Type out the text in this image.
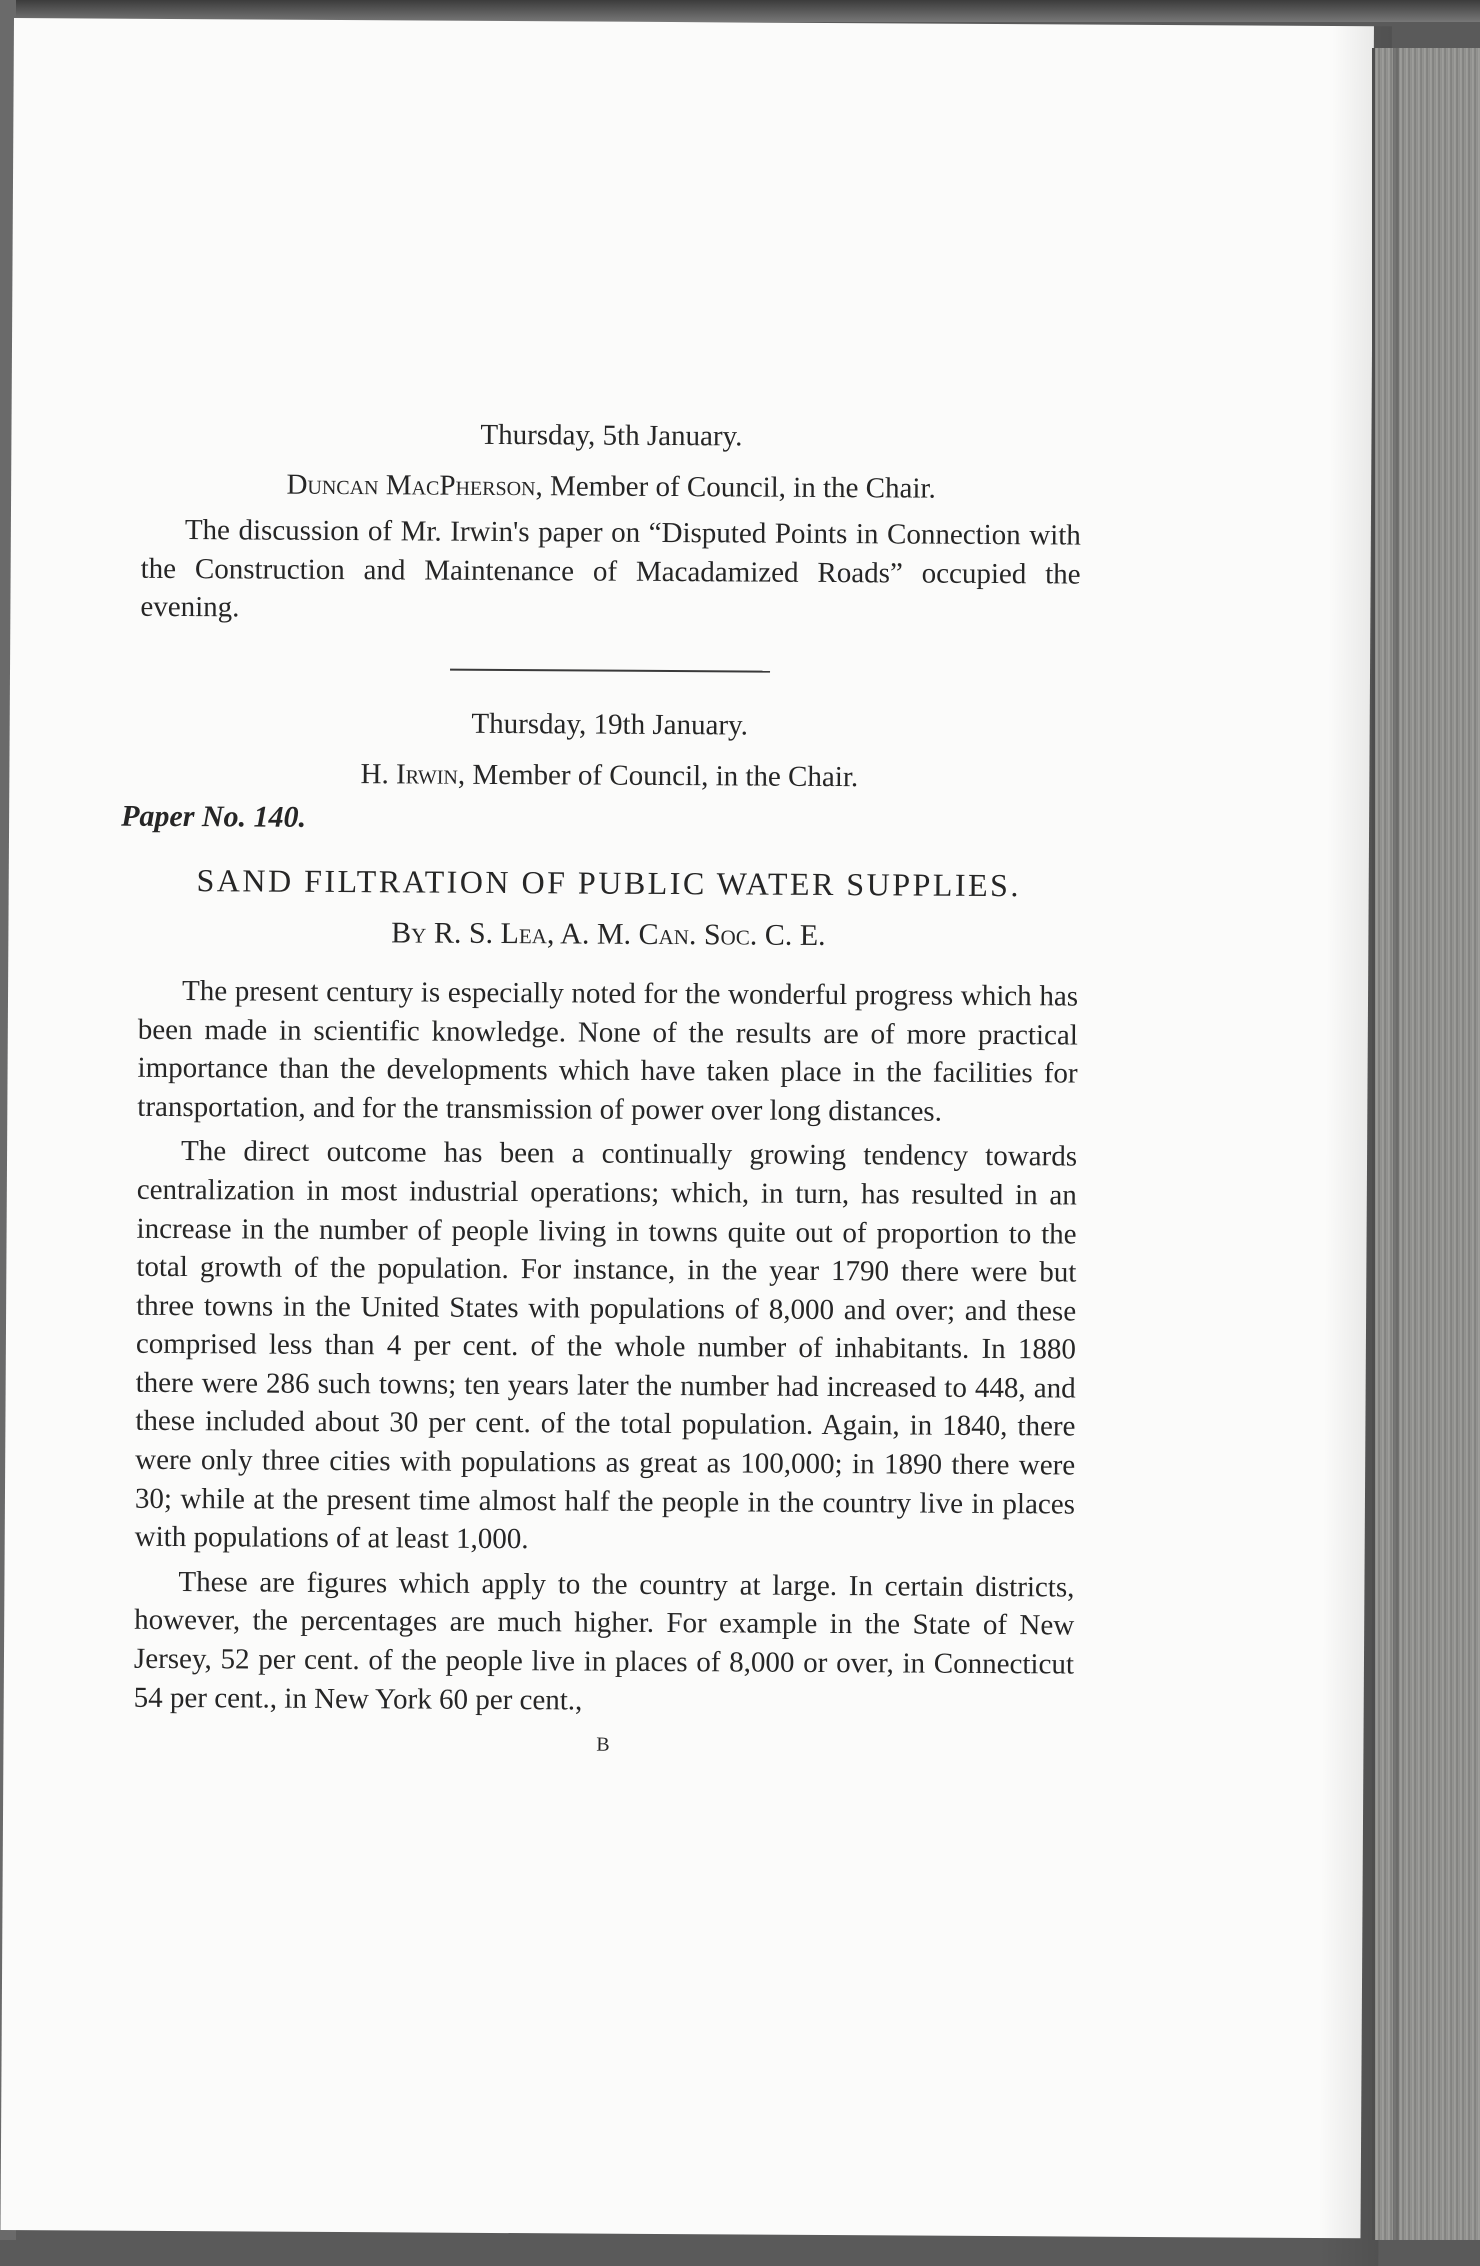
Thursday, 5th January.
Duncan MacPherson, Member of Council, in the Chair.

The discussion of Mr. Irwin's paper on “Disputed Points in Connection with the Construction and Maintenance of Macadamized Roads” occupied the evening.

Thursday, 19th January.
H. Irwin, Member of Council, in the Chair.
Paper No. 140.
SAND FILTRATION OF PUBLIC WATER SUPPLIES.
By R. S. Lea, A. M. Can. Soc. C. E.

The present century is especially noted for the wonderful progress which has been made in scientific knowledge. None of the results are of more practical importance than the developments which have taken place in the facilities for transportation, and for the transmission of power over long distances.

The direct outcome has been a continually growing tendency towards centralization in most industrial operations; which, in turn, has resulted in an increase in the number of people living in towns quite out of proportion to the total growth of the population. For instance, in the year 1790 there were but three towns in the United States with populations of 8,000 and over; and these comprised less than 4 per cent. of the whole number of inhabitants. In 1880 there were 286 such towns; ten years later the number had increased to 448, and these included about 30 per cent. of the total population. Again, in 1840, there were only three cities with populations as great as 100,000; in 1890 there were 30; while at the present time almost half the people in the country live in places with populations of at least 1,000.

These are figures which apply to the country at large. In certain districts, however, the percentages are much higher. For example in the State of New Jersey, 52 per cent. of the people live in places of 8,000 or over, in Connecticut 54 per cent., in New York 60 per cent.,

B
